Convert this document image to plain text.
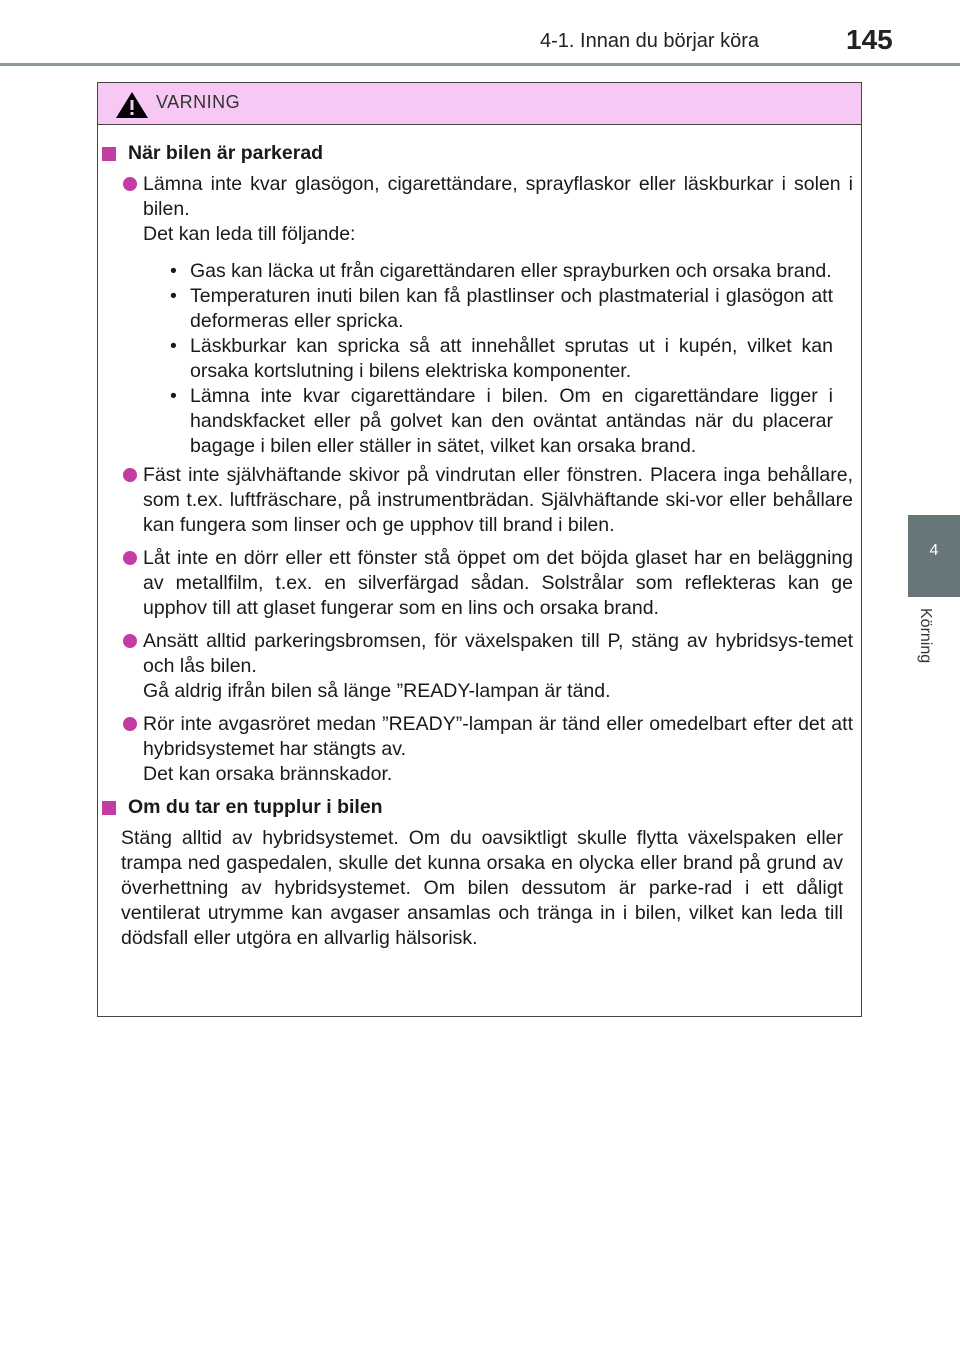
4-1. Innan du börjar köra	145
4
Körning
VARNING
När bilen är parkerad

Lämna inte kvar glasögon, cigarettändare, sprayflaskor eller läskburkar i solen i bilen.

Det kan leda till följande:

• Gas kan läcka ut från cigarettändaren eller sprayburken och orsaka brand.
• Temperaturen inuti bilen kan få plastlinser och plastmaterial i glasögon att deformeras eller spricka.
• Läskburkar kan spricka så att innehållet sprutas ut i kupén, vilket kan orsaka kortslutning i bilens elektriska komponenter.
• Lämna inte kvar cigarettändare i bilen. Om en cigarettändare ligger i handskfacket eller på golvet kan den oväntat antändas när du placerar bagage i bilen eller ställer in sätet, vilket kan orsaka brand.

Fäst inte självhäftande skivor på vindrutan eller fönstren. Placera inga behållare, som t.ex. luftfräschare, på instrumentbrädan. Självhäftande ski-vor eller behållare kan fungera som linser och ge upphov till brand i bilen.

Låt inte en dörr eller ett fönster stå öppet om det böjda glaset har en beläggning av metallfilm, t.ex. en silverfärgad sådan. Solstrålar som reflekteras kan ge upphov till att glaset fungerar som en lins och orsaka brand.

Ansätt alltid parkeringsbromsen, för växelspaken till P, stäng av hybridsys-temet och lås bilen.

Gå aldrig ifrån bilen så länge ”READY-lampan är tänd.

Rör inte avgasröret medan ”READY”-lampan är tänd eller omedelbart efter det att hybridsystemet har stängts av.

Det kan orsaka brännskador.

Om du tar en tupplur i bilen
Stäng alltid av hybridsystemet. Om du oavsiktligt skulle flytta växelspaken eller trampa ned gaspedalen, skulle det kunna orsaka en olycka eller brand på grund av överhettning av hybridsystemet. Om bilen dessutom är parke-rad i ett dåligt ventilerat utrymme kan avgaser ansamlas och tränga in i bilen, vilket kan leda till dödsfall eller utgöra en allvarlig hälsorisk.
